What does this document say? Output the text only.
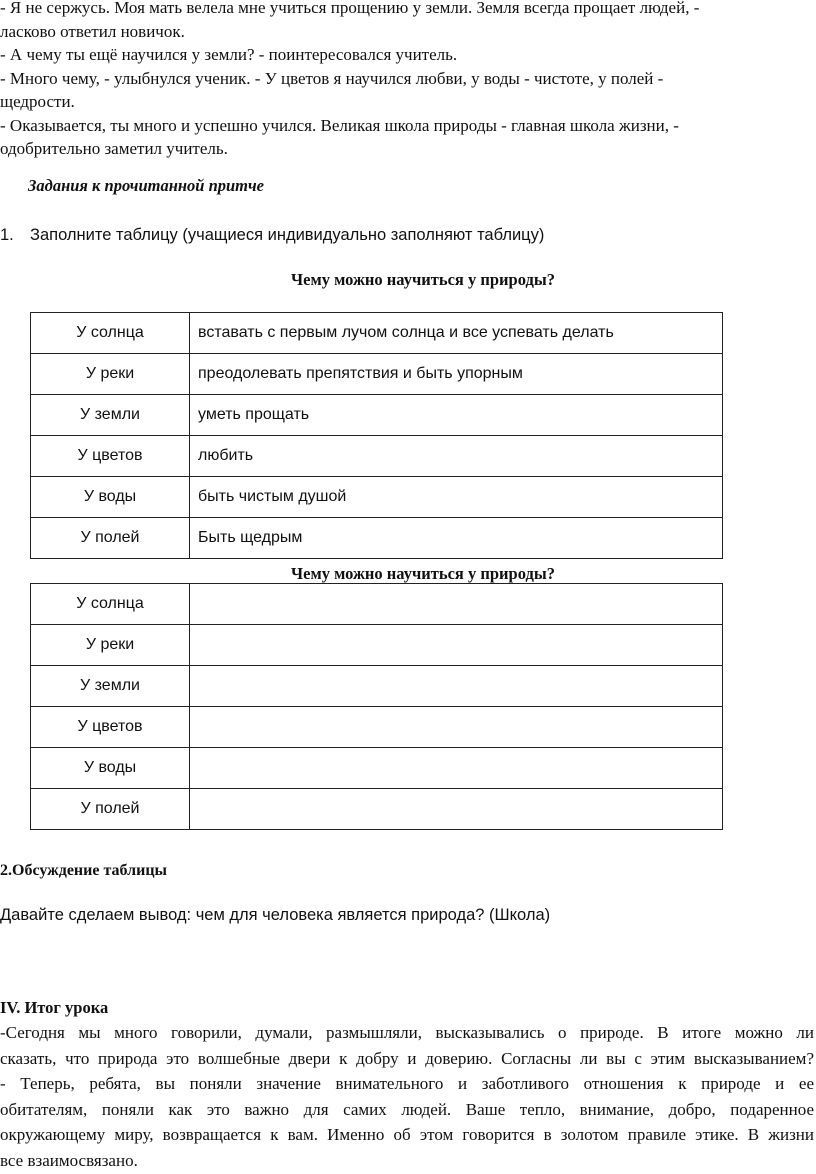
- Я не сержусь. Моя мать велела мне учиться прощению у земли. Земля всегда прощает людей, -
ласково ответил новичок.
- А чему ты ещё научился у земли? - поинтересовался учитель.
- Много чему, - улыбнулся ученик. - У цветов я научился любви, у воды - чистоте, у полей -
щедрости.
- Оказывается, ты много и успешно учился. Великая школа природы - главная школа жизни, -
одобрительно заметил учитель.
Задания к прочитанной притче
1. Заполните таблицу (учащиеся индивидуально заполняют таблицу)
Чему можно научиться у природы?
У солнца	вставать с первым лучом солнца и все успевать делать
У реки	преодолевать препятствия и быть упорным
У земли	уметь прощать
У цветов	любить
У воды	быть чистым душой
У полей	Быть щедрым
Чему можно научиться у природы?
У солнца	
У реки	
У земли	
У цветов	
У воды	
У полей	
2.Обсуждение таблицы
Давайте сделаем вывод: чем для человека является природа? (Школа)
IV. Итог урока
-Сегодня мы много говорили, думали, размышляли, высказывались о природе. В итоге можно ли
сказать, что природа это волшебные двери к добру и доверию. Согласны ли вы с этим высказыванием?
- Теперь, ребята, вы поняли значение внимательного и заботливого отношения к природе и ее
обитателям, поняли как это важно для самих людей. Ваше тепло, внимание, добро, подаренное
окружающему миру, возвращается к вам. Именно об этом говорится в золотом правиле этике. В жизни
все взаимосвязано.
